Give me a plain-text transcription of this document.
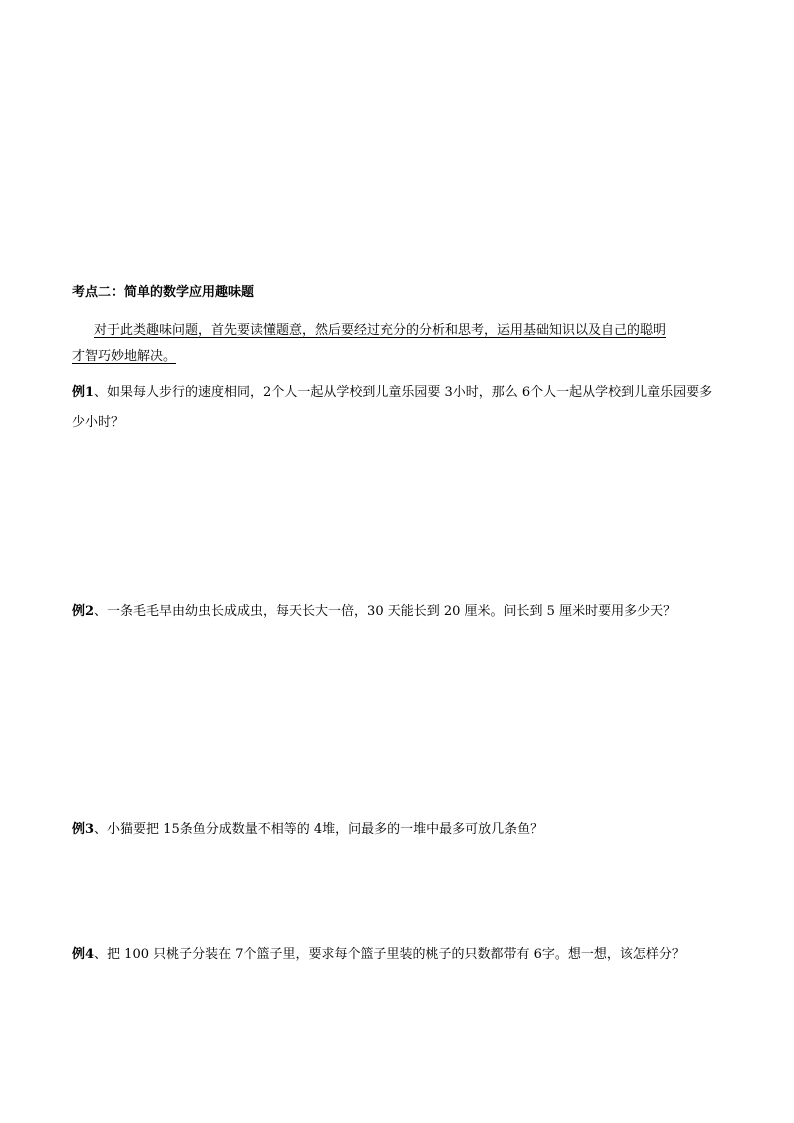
考点二：简单的数学应用趣味题
对于此类趣味问题，首先要读懂题意，然后要经过充分的分析和思考，运用基础知识以及自己的聪明
才智巧妙地解决。
例1、如果每人步行的速度相同，2个人一起从学校到儿童乐园要 3小时，那么 6个人一起从学校到儿童乐园要多少小时？
例2、一条毛毛早由幼虫长成成虫，每天长大一倍，30 天能长到 20 厘米。问长到 5 厘米时要用多少天？
例3、小猫要把 15条鱼分成数量不相等的 4堆，问最多的一堆中最多可放几条鱼？
例4、把 100 只桃子分装在 7个篮子里，要求每个篮子里装的桃子的只数都带有 6字。想一想，该怎样分？
